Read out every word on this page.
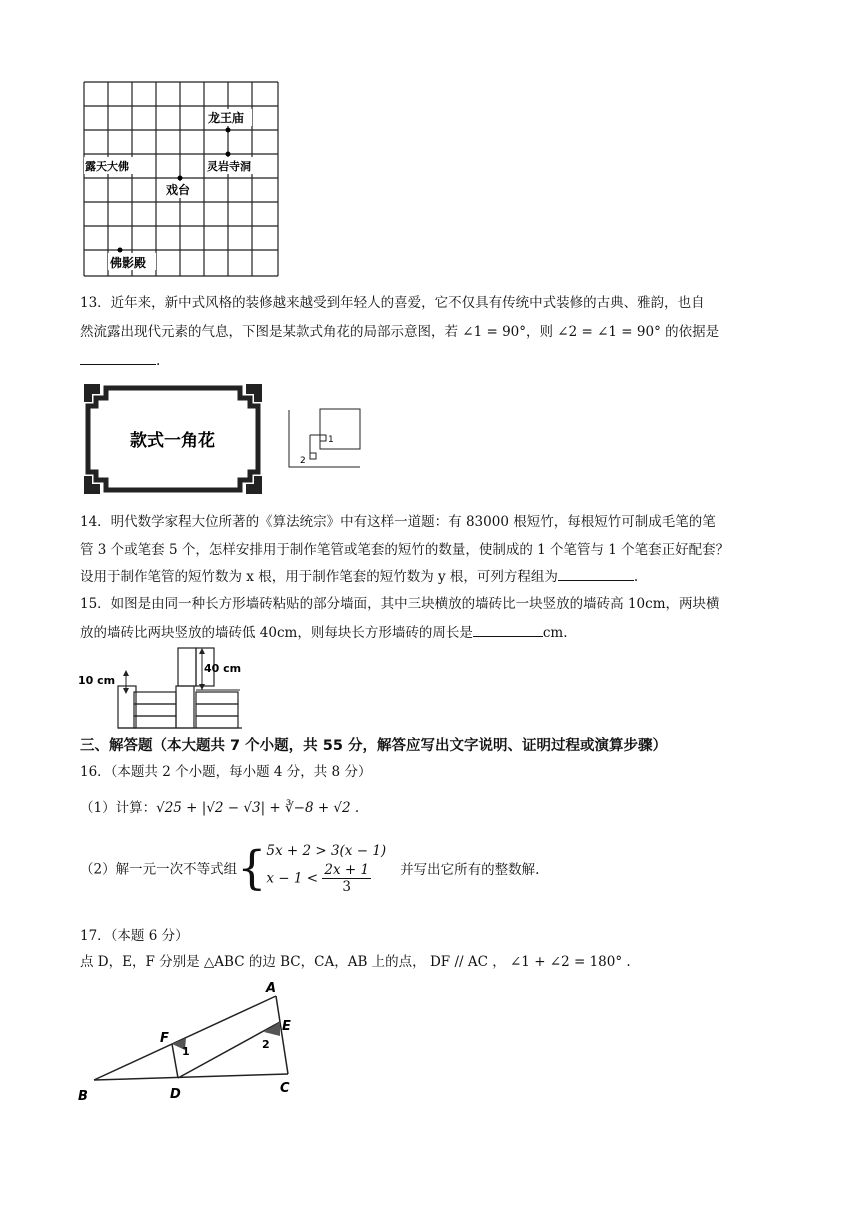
龙王庙
露天大佛	灵岩寺洞
戏台
佛影殿
13．近年来，新中式风格的装修越来越受到年轻人的喜爱，它不仅具有传统中式装修的古典、雅韵，也自
然流露出现代元素的气息，下图是某款式角花的局部示意图，若 ∠1 = 90°，则 ∠2 = ∠1 = 90° 的依据是
.
款式一角花	1
2
14．明代数学家程大位所著的《算法统宗》中有这样一道题：有 83000 根短竹，每根短竹可制成毛笔的笔
管 3 个或笔套 5 个，怎样安排用于制作笔管或笔套的短竹的数量，使制成的 1 个笔管与 1 个笔套正好配套？
设用于制作笔管的短竹数为 x 根，用于制作笔套的短竹数为 y 根，可列方程组为	.
15．如图是由同一种长方形墙砖粘贴的部分墙面，其中三块横放的墙砖比一块竖放的墙砖高 10cm，两块横
放的墙砖比两块竖放的墙砖低 40cm，则每块长方形墙砖的周长是	cm.
10 cm
40 cm
三、解答题（本大题共 7 个小题，共 55 分，解答应写出文字说明、证明过程或演算步骤）
16．（本题共 2 个小题，每小题 4 分，共 8 分）
（1）计算：√25 + |√2 − √3| + ∛−8 + √2 .
（2）解一元一次不等式组{ 5x + 2 > 3(x − 1)
$x - 1 < \frac{2x + 1}{3}$ 并写出它所有的整数解.
17．（本题 6 分）
点 D，E，F 分别是 △ABC 的边 BC，CA，AB 上的点， DF // AC ， ∠1 + ∠2 = 180° .
A
B
C
D
E
F
1
2
